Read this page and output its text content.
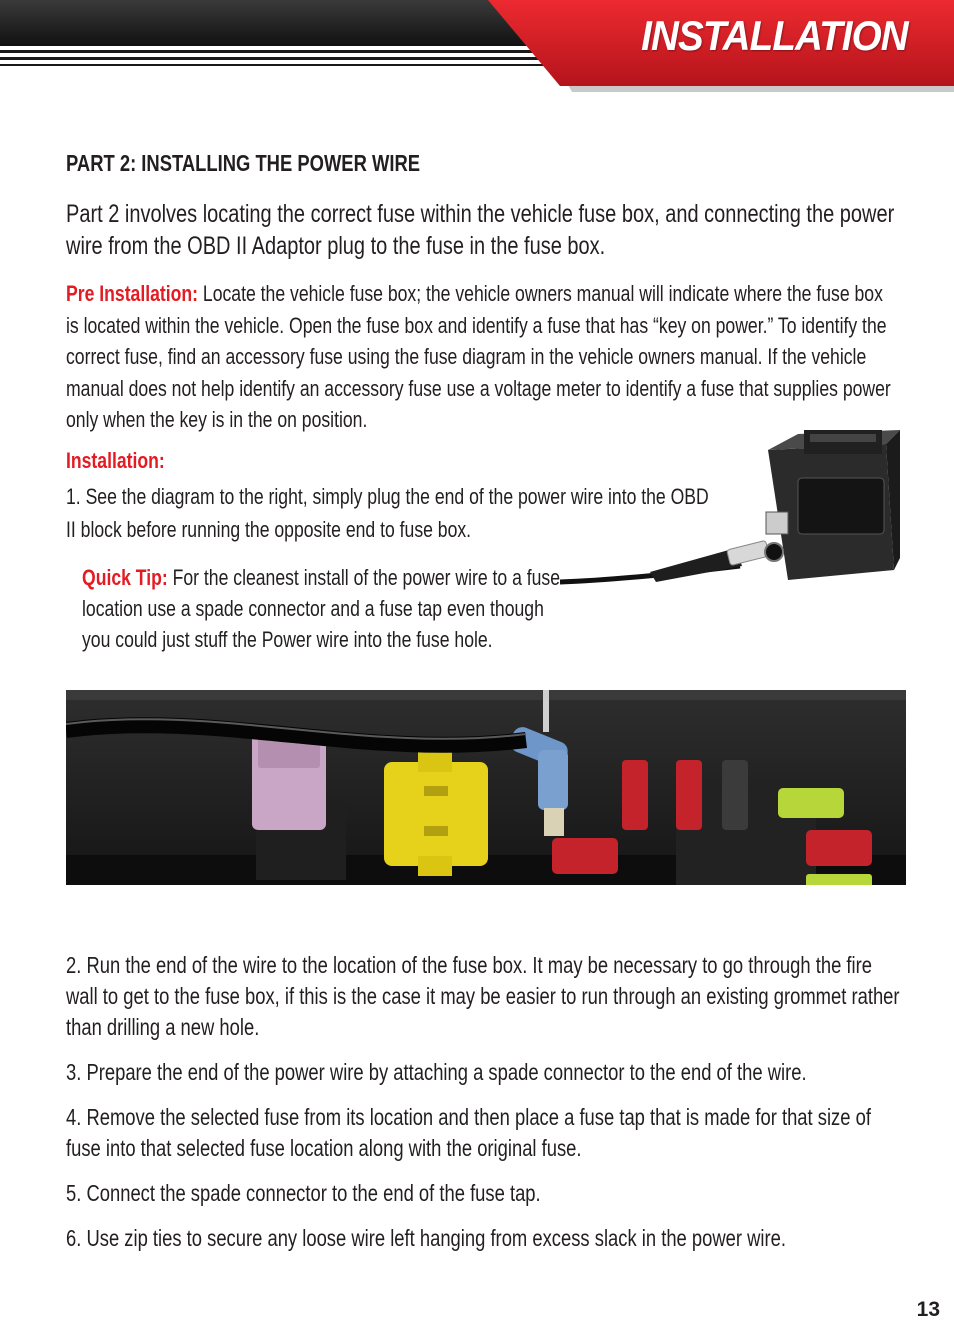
INSTALLATION
PART 2: INSTALLING THE POWER WIRE
Part 2 involves locating the correct fuse within the vehicle fuse box, and connecting the power wire from the OBD II Adaptor plug to the fuse in the fuse box.
Pre Installation: Locate the vehicle fuse box; the vehicle owners manual will indicate where the fuse box is located within the vehicle. Open the fuse box and identify a fuse that has “key on power.” To identify the correct fuse, find an accessory fuse using the fuse diagram in the vehicle owners manual. If the vehicle manual does not help identify an accessory fuse use a voltage meter to identify a fuse that supplies power only when the key is in the on position.
Installation:
1. See the diagram to the right, simply plug the end of the power wire into the OBD II block before running the opposite end to fuse box.
Quick Tip: For the cleanest install of the power wire to a fuse location use a spade connector and a fuse tap even though you could just stuff the Power wire into the fuse hole.

2. Run the end of the wire to the location of the fuse box. It may be necessary to go through the fire wall to get to the fuse box, if this is the case it may be easier to run through an existing grommet rather than drilling a new hole.

3. Prepare the end of the power wire by attaching a spade connector to the end of the wire.

4. Remove the selected fuse from its location and then place a fuse tap that is made for that size of fuse into that selected fuse location along with the original fuse.

5. Connect the spade connector to the end of the fuse tap.

6. Use zip ties to secure any loose wire left hanging from excess slack in the power wire.

13
